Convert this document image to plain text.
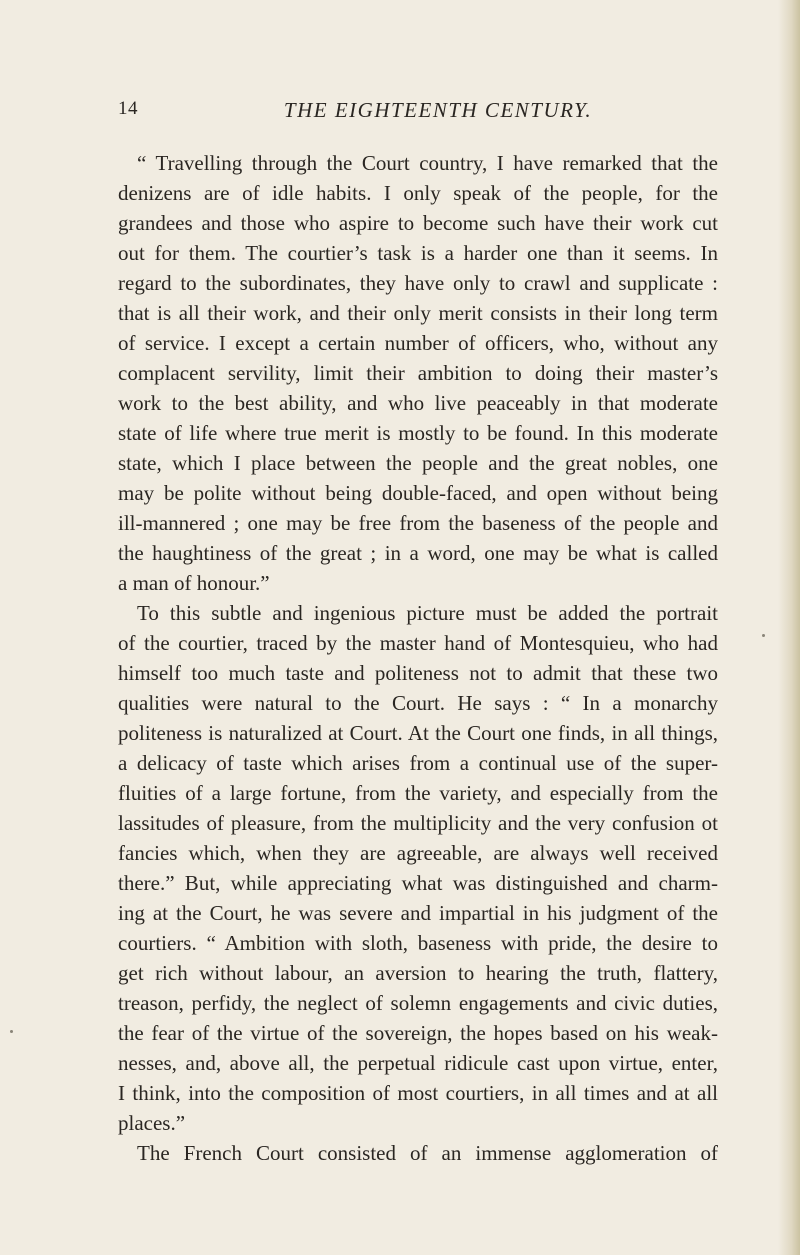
14	THE EIGHTEENTH CENTURY.
“ Travelling through the Court country, I have remarked that the
denizens are of idle habits. I only speak of the people, for the
grandees and those who aspire to become such have their work cut
out for them. The courtier’s task is a harder one than it seems. In
regard to the subordinates, they have only to crawl and supplicate :
that is all their work, and their only merit consists in their long term
of service. I except a certain number of officers, who, without any
complacent servility, limit their ambition to doing their master’s
work to the best ability, and who live peaceably in that moderate
state of life where true merit is mostly to be found. In this moderate
state, which I place between the people and the great nobles, one
may be polite without being double-faced, and open without being
ill-mannered ; one may be free from the baseness of the people and
the haughtiness of the great ; in a word, one may be what is called
a man of honour.”
To this subtle and ingenious picture must be added the portrait
of the courtier, traced by the master hand of Montesquieu, who had
himself too much taste and politeness not to admit that these two
qualities were natural to the Court. He says : “ In a monarchy
politeness is naturalized at Court. At the Court one finds, in all things,
a delicacy of taste which arises from a continual use of the super-
fluities of a large fortune, from the variety, and especially from the
lassitudes of pleasure, from the multiplicity and the very confusion ot
fancies which, when they are agreeable, are always well received
there.” But, while appreciating what was distinguished and charm-
ing at the Court, he was severe and impartial in his judgment of the
courtiers. “ Ambition with sloth, baseness with pride, the desire to
get rich without labour, an aversion to hearing the truth, flattery,
treason, perfidy, the neglect of solemn engagements and civic duties,
the fear of the virtue of the sovereign, the hopes based on his weak-
nesses, and, above all, the perpetual ridicule cast upon virtue, enter,
I think, into the composition of most courtiers, in all times and at all
places.”
The French Court consisted of an immense agglomeration of
